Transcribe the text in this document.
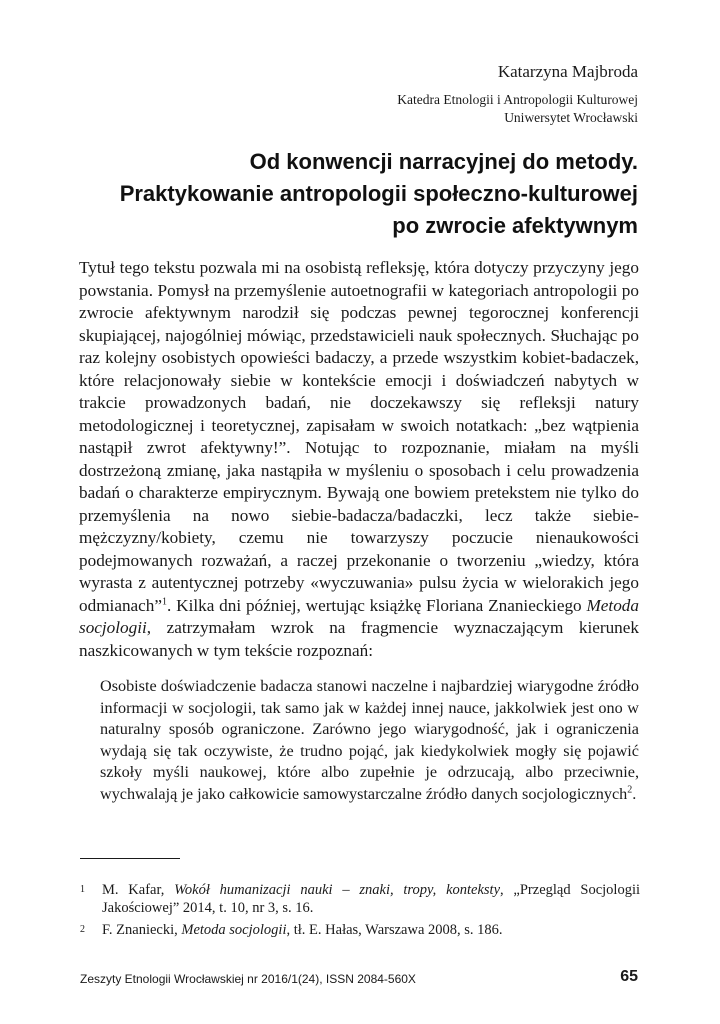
Katarzyna Majbroda
Katedra Etnologii i Antropologii Kulturowej
Uniwersytet Wrocławski
Od konwencji narracyjnej do metody.
Praktykowanie antropologii społeczno-kulturowej
po zwrocie afektywnym

Tytuł tego tekstu pozwala mi na osobistą refleksję, która dotyczy przyczyny jego powstania. Pomysł na przemyślenie autoetnografii w kategoriach antropologii po zwrocie afektywnym narodził się podczas pewnej tegorocznej konferencji skupiającej, najogólniej mówiąc, przedstawicieli nauk społecznych. Słuchając po raz kolejny osobistych opowieści badaczy, a przede wszystkim kobiet-badaczek, które relacjonowały siebie w kontekście emocji i doświadczeń nabytych w trakcie prowadzonych badań, nie doczekawszy się refleksji natury metodologicznej i teoretycznej, zapisałam w swoich notatkach: „bez wątpienia nastąpił zwrot afektywny!”. Notując to rozpoznanie, miałam na myśli dostrzeżoną zmianę, jaka nastąpiła w myśleniu o sposobach i celu prowadzenia badań o charakterze empirycznym. Bywają one bowiem pretekstem nie tylko do przemyślenia na nowo siebie-badacza/badaczki, lecz także siebie-mężczyzny/kobiety, czemu nie towarzyszy poczucie nienaukowości podejmowanych rozważań, a raczej przekonanie o tworzeniu „wiedzy, która wyrasta z autentycznej potrzeby «wyczuwania» pulsu życia w wielorakich jego odmianach”$^1$. Kilka dni później, wertując książkę Floriana Znanieckiego Metoda socjologii, zatrzymałam wzrok na fragmencie wyznaczającym kierunek naszkicowanych w tym tekście rozpoznań:

Osobiste doświadczenie badacza stanowi naczelne i najbardziej wiarygodne źródło informacji w socjologii, tak samo jak w każdej innej nauce, jakkolwiek jest ono w naturalny sposób ograniczone. Zarówno jego wiarygodność, jak i ograniczenia wydają się tak oczywiste, że trudno pojąć, jak kiedykolwiek mogły się pojawić szkoły myśli naukowej, które albo zupełnie je odrzucają, albo przeciwnie, wychwalają je jako całkowicie samowystarczalne źródło danych socjologicznych$^2$.

1 M. Kafar, Wokół humanizacji nauki – znaki, tropy, konteksty, „Przegląd Socjologii Jakościowej” 2014, t. 10, nr 3, s. 16.
2 F. Znaniecki, Metoda socjologii, tł. E. Hałas, Warszawa 2008, s. 186.
Zeszyty Etnologii Wrocławskiej nr 2016/1(24), ISSN 2084-560X	65
